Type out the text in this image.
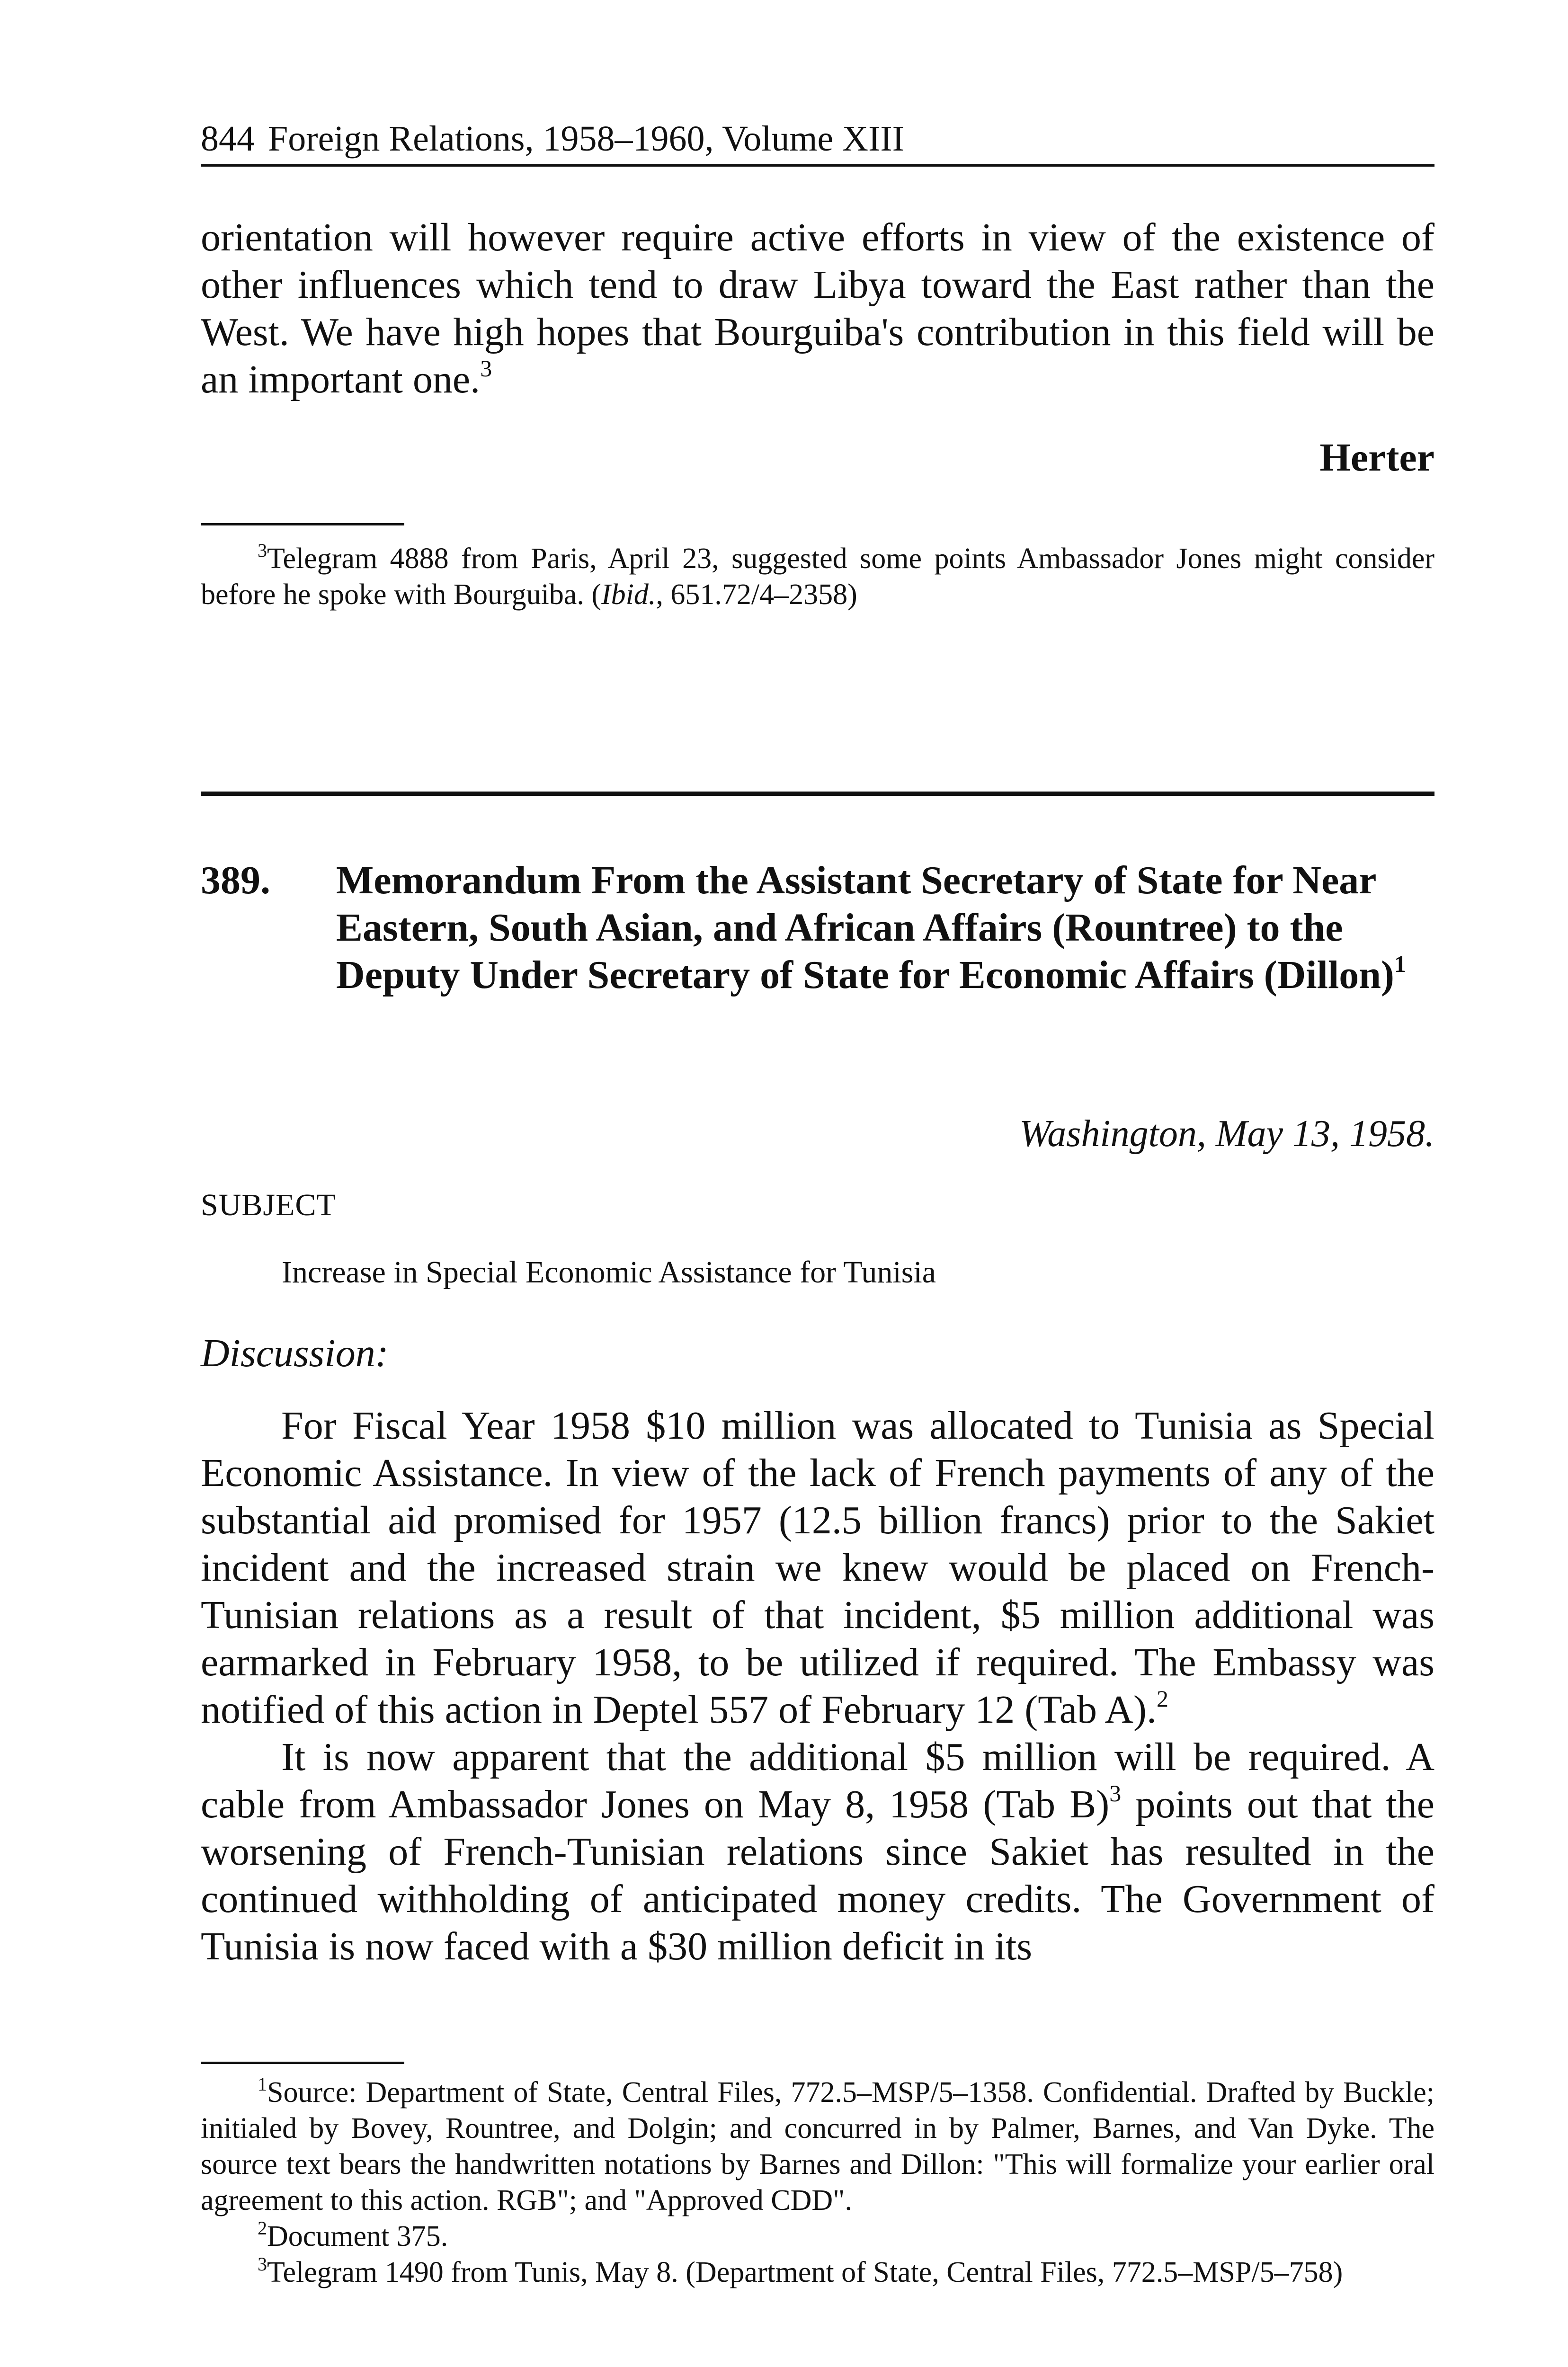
844 Foreign Relations, 1958–1960, Volume XIII

orientation will however require active efforts in view of the existence of other influences which tend to draw Libya toward the East rather than the West. We have high hopes that Bourguiba's contribution in this field will be an important one.$^3$

Herter

$^3$Telegram 4888 from Paris, April 23, suggested some points Ambassador Jones might consider before he spoke with Bourguiba. (Ibid., 651.72/4–2358)

389. Memorandum From the Assistant Secretary of State for Near Eastern, South Asian, and African Affairs (Rountree) to the Deputy Under Secretary of State for Economic Affairs (Dillon)$^1$
Washington, May 13, 1958.
SUBJECT
Increase in Special Economic Assistance for Tunisia
Discussion:

For Fiscal Year 1958 $10 million was allocated to Tunisia as Special Economic Assistance. In view of the lack of French payments of any of the substantial aid promised for 1957 (12.5 billion francs) prior to the Sakiet incident and the increased strain we knew would be placed on French-Tunisian relations as a result of that incident, $5 million additional was earmarked in February 1958, to be utilized if required. The Embassy was notified of this action in Deptel 557 of February 12 (Tab A).$^2$

It is now apparent that the additional $5 million will be required. A cable from Ambassador Jones on May 8, 1958 (Tab B)$^3$ points out that the worsening of French-Tunisian relations since Sakiet has resulted in the continued withholding of anticipated money credits. The Government of Tunisia is now faced with a $30 million deficit in its

$^1$Source: Department of State, Central Files, 772.5–MSP/5–1358. Confidential. Drafted by Buckle; initialed by Bovey, Rountree, and Dolgin; and concurred in by Palmer, Barnes, and Van Dyke. The source text bears the handwritten notations by Barnes and Dillon: "This will formalize your earlier oral agreement to this action. RGB"; and "Approved CDD".

$^2$Document 375.

$^3$Telegram 1490 from Tunis, May 8. (Department of State, Central Files, 772.5–MSP/5–758)
